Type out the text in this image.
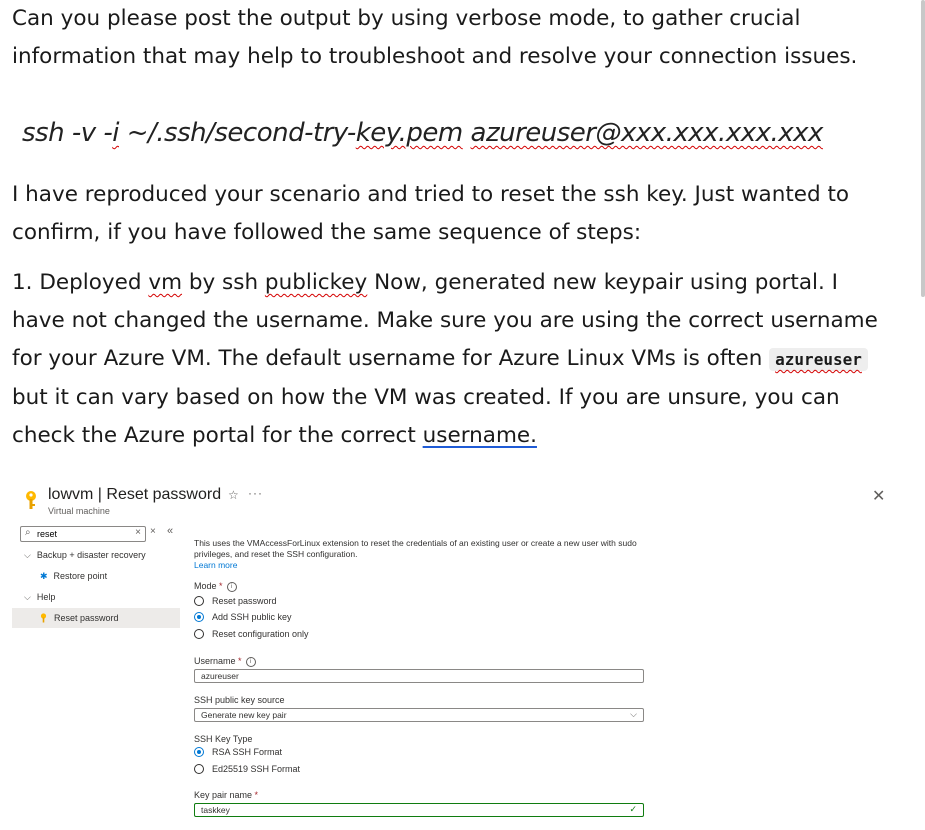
Can you please post the output by using verbose mode, to gather crucial information that may help to troubleshoot and resolve your connection issues.

ssh -v -i ~/.ssh/second-try-key.pem azureuser@xxx.xxx.xxx.xxx

I have reproduced your scenario and tried to reset the ssh key. Just wanted to confirm, if you have followed the same sequence of steps:

1. Deployed vm by ssh publickey Now, generated new keypair using portal. I have not changed the username. Make sure you are using the correct username for your Azure VM. The default username for Azure Linux VMs is often azureuser but it can vary based on how the VM was created. If you are unsure, you can check the Azure portal for the correct username.

lowvm | Reset password
Virtual machine
☆ ···	✕
⌕
reset	× × «
⌵ Backup + disaster recovery
✱ Restore point
⌵ Help
Reset password
This uses the VMAccessForLinux extension to reset the credentials of an existing user or create a new user with sudo privileges, and reset the SSH configuration.
Learn more
Mode * i
Reset password
Add SSH public key
Reset configuration only
Username * i
azureuser
SSH public key source
Generate new key pair	⌵
SSH Key Type
RSA SSH Format
Ed25519 SSH Format
Key pair name *
taskkey	✓
